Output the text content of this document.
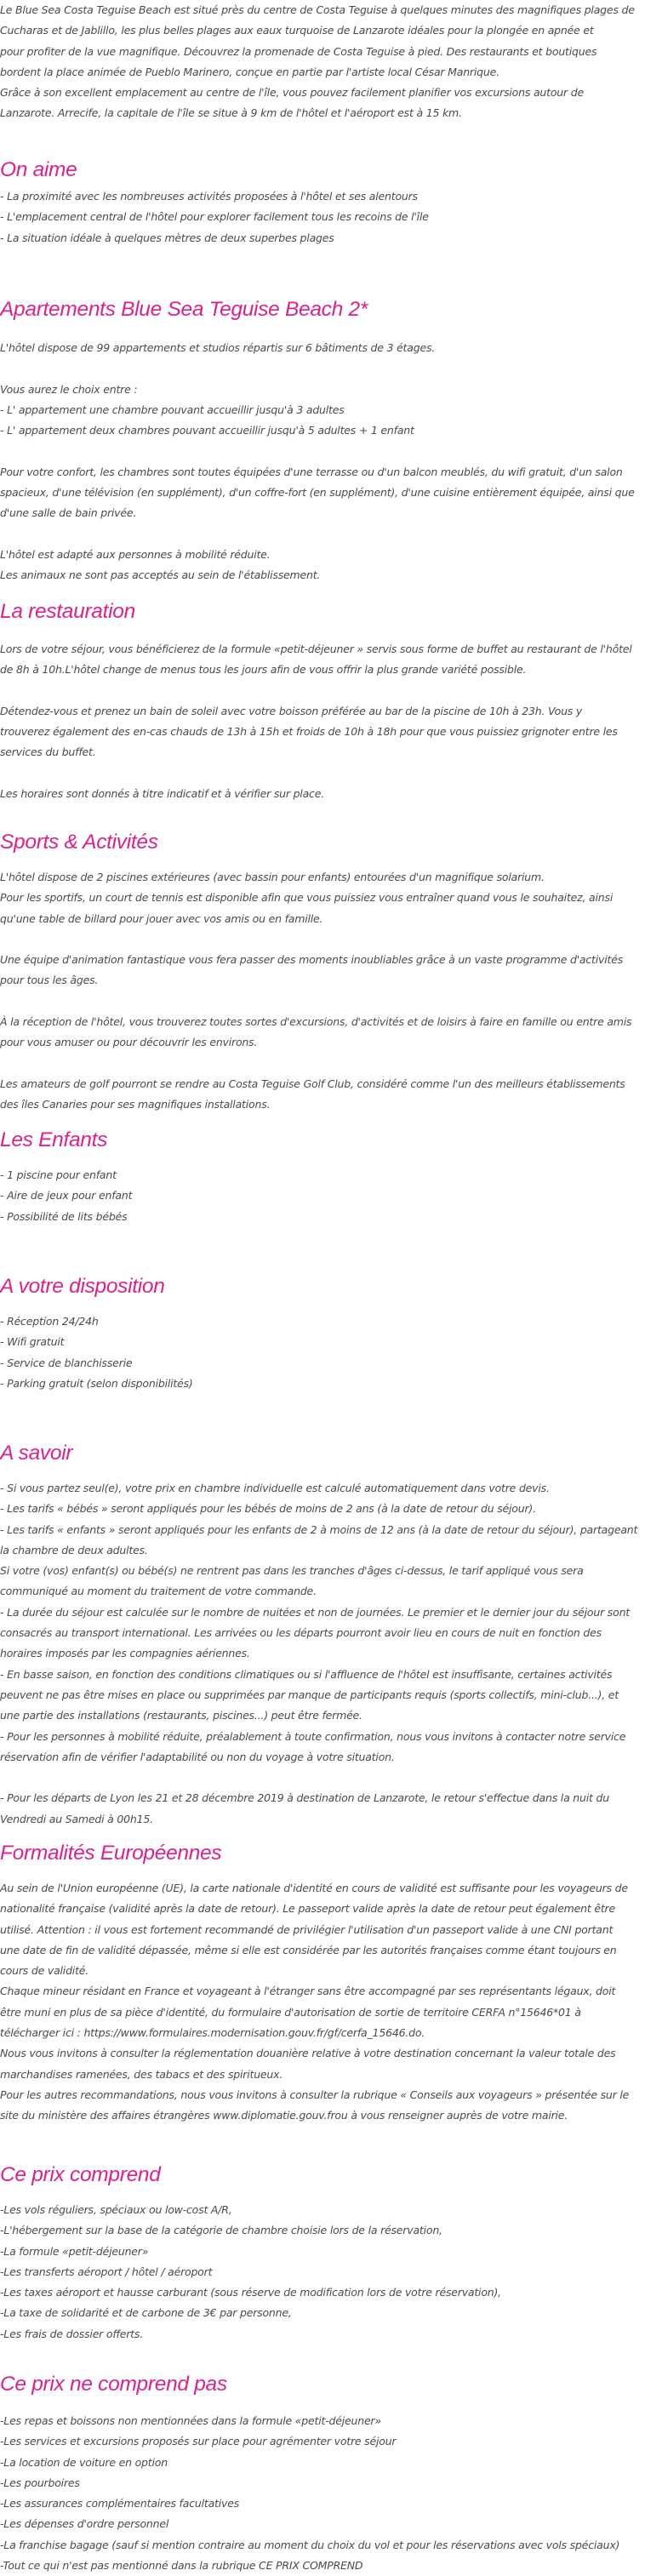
Le Blue Sea Costa Teguise Beach est situé près du centre de Costa Teguise à quelques minutes des magnifiques plages de
Cucharas et de Jablillo, les plus belles plages aux eaux turquoise de Lanzarote idéales pour la plongée en apnée et
pour profiter de la vue magnifique. Découvrez la promenade de Costa Teguise à pied. Des restaurants et boutiques
bordent la place animée de Pueblo Marinero, conçue en partie par l'artiste local César Manrique.
Grâce à son excellent emplacement au centre de l'île, vous pouvez facilement planifier vos excursions autour de
Lanzarote. Arrecife, la capitale de l'île se situe à 9 km de l'hôtel et l'aéroport est à 15 km.
On aime
- La proximité avec les nombreuses activités proposées à l'hôtel et ses alentours
- L'emplacement central de l'hôtel pour explorer facilement tous les recoins de l'île
- La situation idéale à quelques mètres de deux superbes plages
Apartements Blue Sea Teguise Beach 2*
L'hôtel dispose de 99 appartements et studios répartis sur 6 bâtiments de 3 étages.
Vous aurez le choix entre :
- L' appartement une chambre pouvant accueillir jusqu'à 3 adultes
- L' appartement deux chambres pouvant accueillir jusqu'à 5 adultes + 1 enfant
Pour votre confort, les chambres sont toutes équipées d'une terrasse ou d'un balcon meublés, du wifi gratuit, d'un salon
spacieux, d'une télévision (en supplément), d'un coffre-fort (en supplément), d'une cuisine entièrement équipée, ainsi que
d'une salle de bain privée.
L'hôtel est adapté aux personnes à mobilité réduite.
Les animaux ne sont pas acceptés au sein de l'établissement.
La restauration
Lors de votre séjour, vous bénéficierez de la formule «petit-déjeuner » servis sous forme de buffet au restaurant de l'hôtel
de 8h à 10h.L'hôtel change de menus tous les jours afin de vous offrir la plus grande variété possible.
Détendez-vous et prenez un bain de soleil avec votre boisson préférée au bar de la piscine de 10h à 23h. Vous y
trouverez également des en-cas chauds de 13h à 15h et froids de 10h à 18h pour que vous puissiez grignoter entre les
services du buffet.
Les horaires sont donnés à titre indicatif et à vérifier sur place.
Sports & Activités
L'hôtel dispose de 2 piscines extérieures (avec bassin pour enfants) entourées d'un magnifique solarium.
Pour les sportifs, un court de tennis est disponible afin que vous puissiez vous entraîner quand vous le souhaitez, ainsi
qu'une table de billard pour jouer avec vos amis ou en famille.
Une équipe d'animation fantastique vous fera passer des moments inoubliables grâce à un vaste programme d'activités
pour tous les âges.
À la réception de l'hôtel, vous trouverez toutes sortes d'excursions, d'activités et de loisirs à faire en famille ou entre amis
pour vous amuser ou pour découvrir les environs.
Les amateurs de golf pourront se rendre au Costa Teguise Golf Club, considéré comme l'un des meilleurs établissements
des îles Canaries pour ses magnifiques installations.
Les Enfants
- 1 piscine pour enfant
- Aire de jeux pour enfant
- Possibilité de lits bébés
A votre disposition
- Réception 24/24h
- Wifi gratuit
- Service de blanchisserie
- Parking gratuit (selon disponibilités)
A savoir
- Si vous partez seul(e), votre prix en chambre individuelle est calculé automatiquement dans votre devis.
- Les tarifs « bébés » seront appliqués pour les bébés de moins de 2 ans (à la date de retour du séjour).
- Les tarifs « enfants » seront appliqués pour les enfants de 2 à moins de 12 ans (à la date de retour du séjour), partageant
la chambre de deux adultes.
Si votre (vos) enfant(s) ou bébé(s) ne rentrent pas dans les tranches d'âges ci-dessus, le tarif appliqué vous sera
communiqué au moment du traitement de votre commande.
- La durée du séjour est calculée sur le nombre de nuitées et non de journées. Le premier et le dernier jour du séjour sont
consacrés au transport international. Les arrivées ou les départs pourront avoir lieu en cours de nuit en fonction des
horaires imposés par les compagnies aériennes.
- En basse saison, en fonction des conditions climatiques ou si l'affluence de l'hôtel est insuffisante, certaines activités
peuvent ne pas être mises en place ou supprimées par manque de participants requis (sports collectifs, mini-club...), et
une partie des installations (restaurants, piscines...) peut être fermée.
- Pour les personnes à mobilité réduite, préalablement à toute confirmation, nous vous invitons à contacter notre service
réservation afin de vérifier l'adaptabilité ou non du voyage à votre situation.
- Pour les départs de Lyon les 21 et 28 décembre 2019 à destination de Lanzarote, le retour s'effectue dans la nuit du
Vendredi au Samedi à 00h15.
Formalités Européennes
Au sein de l'Union européenne (UE), la carte nationale d'identité en cours de validité est suffisante pour les voyageurs de
nationalité française (validité après la date de retour). Le passeport valide après la date de retour peut également être
utilisé. Attention : il vous est fortement recommandé de privilégier l'utilisation d'un passeport valide à une CNI portant
une date de fin de validité dépassée, même si elle est considérée par les autorités françaises comme étant toujours en
cours de validité.
Chaque mineur résidant en France et voyageant à l'étranger sans être accompagné par ses représentants légaux, doit
être muni en plus de sa pièce d'identité, du formulaire d'autorisation de sortie de territoire CERFA n°15646*01 à
télécharger ici : https://www.formulaires.modernisation.gouv.fr/gf/cerfa_15646.do.
Nous vous invitons à consulter la réglementation douanière relative à votre destination concernant la valeur totale des
marchandises ramenées, des tabacs et des spiritueux.
Pour les autres recommandations, nous vous invitons à consulter la rubrique « Conseils aux voyageurs » présentée sur le
site du ministère des affaires étrangères www.diplomatie.gouv.frou à vous renseigner auprès de votre mairie.
Ce prix comprend
-Les vols réguliers, spéciaux ou low-cost A/R,
-L'hébergement sur la base de la catégorie de chambre choisie lors de la réservation,
-La formule «petit-déjeuner»
-Les transferts aéroport / hôtel / aéroport
-Les taxes aéroport et hausse carburant (sous réserve de modification lors de votre réservation),
-La taxe de solidarité et de carbone de 3€ par personne,
-Les frais de dossier offerts.
Ce prix ne comprend pas
-Les repas et boissons non mentionnées dans la formule «petit-déjeuner»
-Les services et excursions proposés sur place pour agrémenter votre séjour
-La location de voiture en option
-Les pourboires
-Les assurances complémentaires facultatives
-Les dépenses d'ordre personnel
-La franchise bagage (sauf si mention contraire au moment du choix du vol et pour les réservations avec vols spéciaux)
-Tout ce qui n'est pas mentionné dans la rubrique CE PRIX COMPREND
